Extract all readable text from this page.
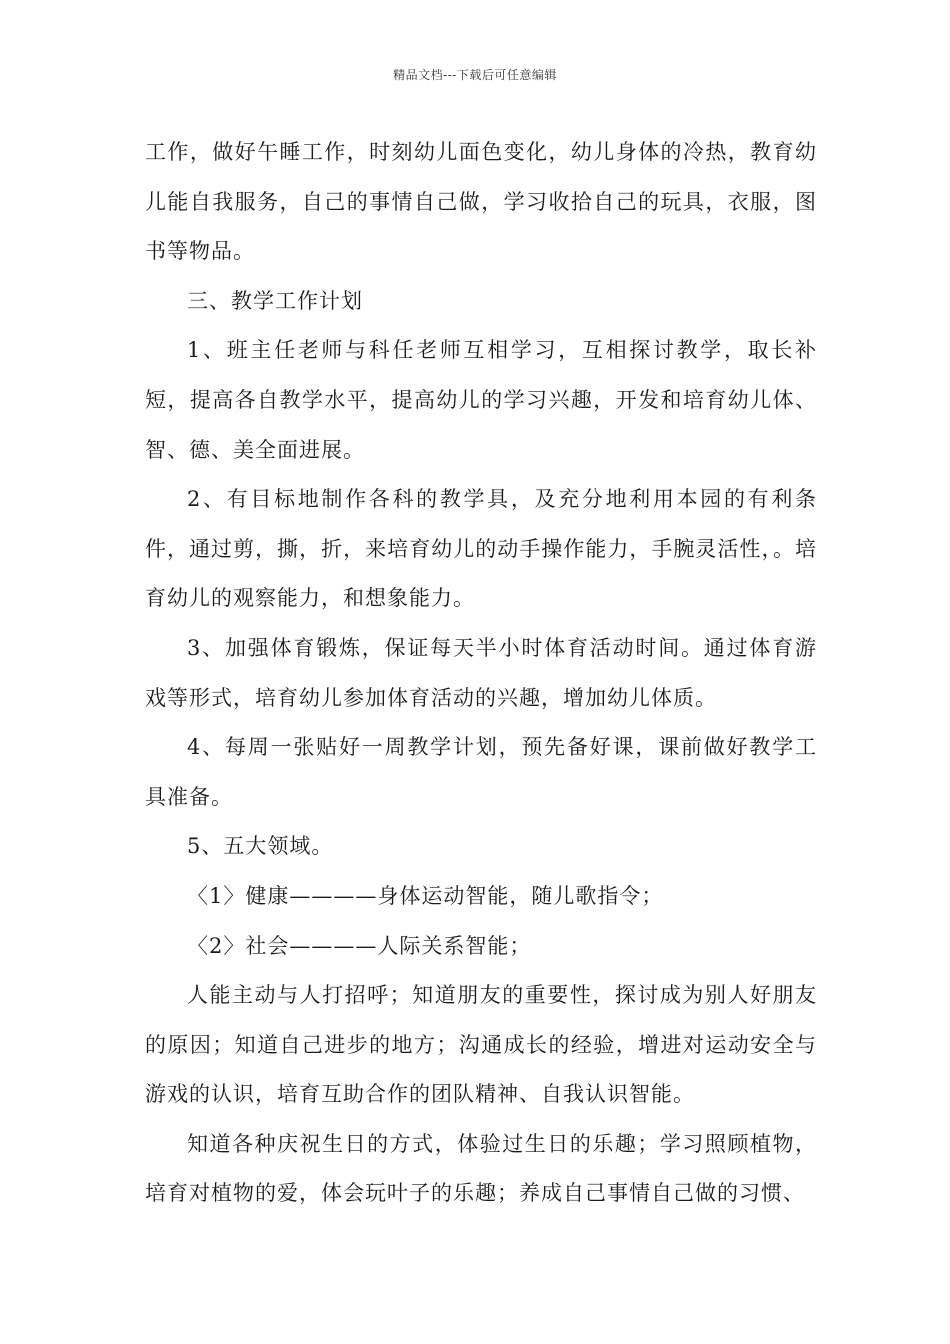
精品文档---下载后可任意编辑

工作，做好午睡工作，时刻幼儿面色变化，幼儿身体的冷热，教育幼儿能自我服务，自己的事情自己做，学习收拾自己的玩具，衣服，图书等物品。

三、教学工作计划

1、班主任老师与科任老师互相学习，互相探讨教学，取长补短，提高各自教学水平，提高幼儿的学习兴趣，开发和培育幼儿体、智、德、美全面进展。

2、有目标地制作各科的教学具，及充分地利用本园的有利条件，通过剪，撕，折，来培育幼儿的动手操作能力，手腕灵活性，。培育幼儿的观察能力，和想象能力。

3、加强体育锻炼，保证每天半小时体育活动时间。通过体育游戏等形式，培育幼儿参加体育活动的兴趣，增加幼儿体质。

4、每周一张贴好一周教学计划，预先备好课，课前做好教学工具准备。

5、五大领域。

〈1〉健康————身体运动智能，随儿歌指令；

〈2〉社会————人际关系智能；

人能主动与人打招呼；知道朋友的重要性，探讨成为别人好朋友的原因；知道自己进步的地方；沟通成长的经验，增进对运动安全与游戏的认识，培育互助合作的团队精神、自我认识智能。

知道各种庆祝生日的方式，体验过生日的乐趣；学习照顾植物，培育对植物的爱，体会玩叶子的乐趣；养成自己事情自己做的习惯、
